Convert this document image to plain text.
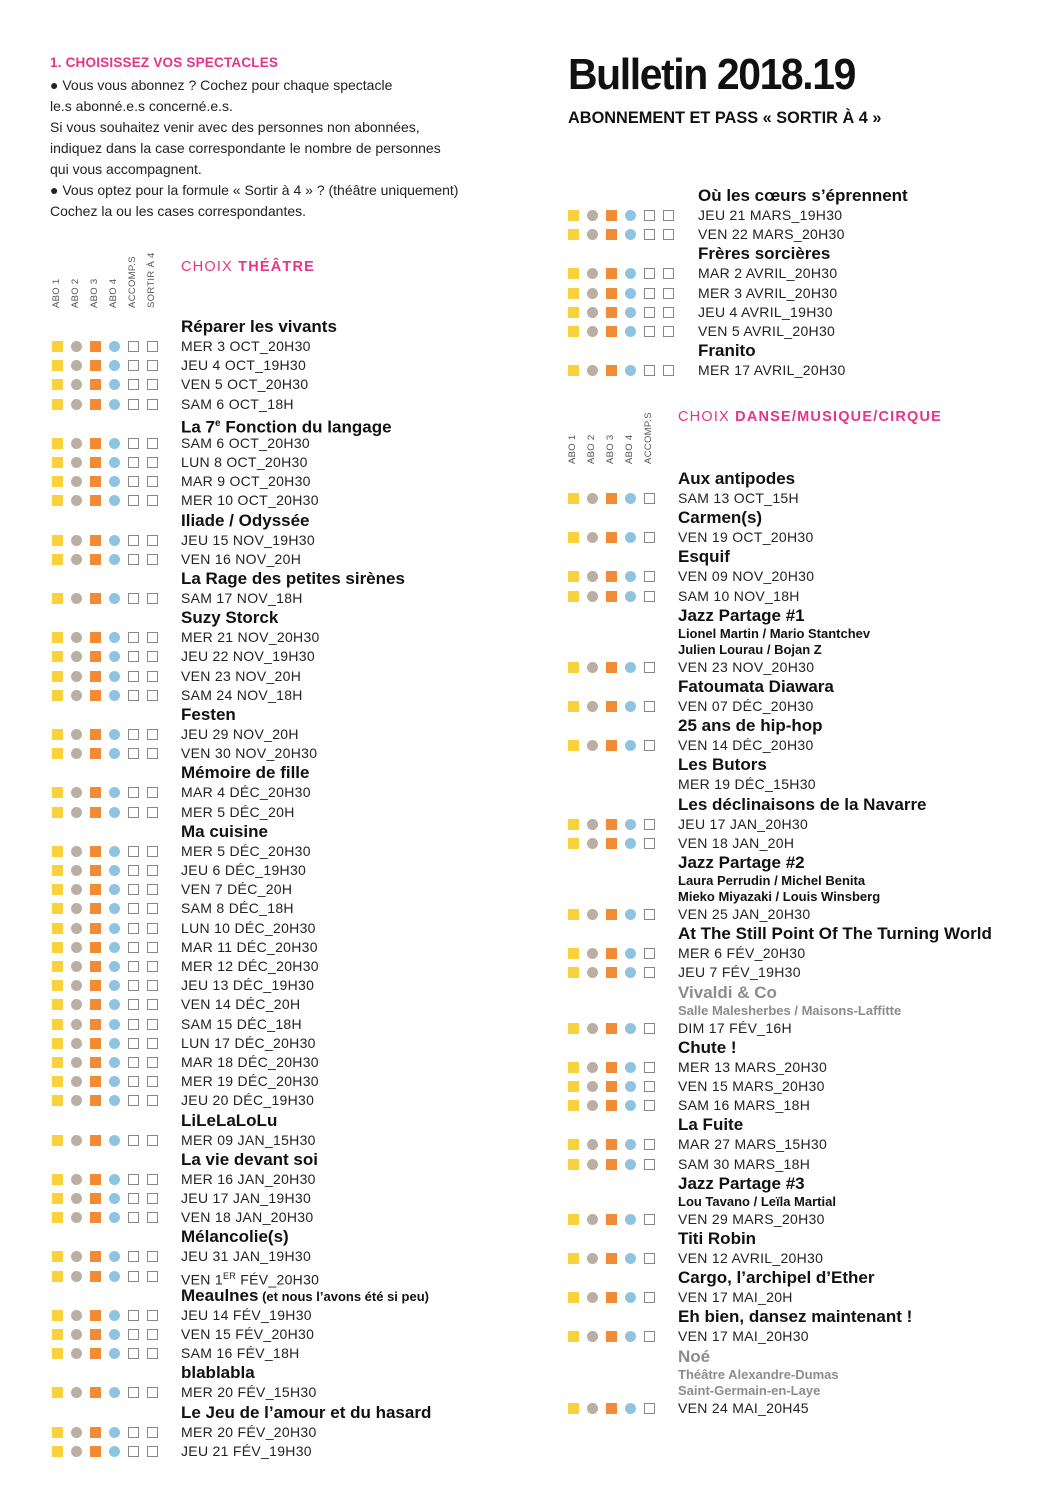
1. CHOISISSEZ VOS SPECTACLES
● Vous vous abonnez ? Cochez pour chaque spectacle
le.s abonné.e.s concerné.e.s.
Si vous souhaitez venir avec des personnes non abonnées,
indiquez dans la case correspondante le nombre de personnes
qui vous accompagnent.
● Vous optez pour la formule « Sortir à 4 » ? (théâtre uniquement)
Cochez la ou les cases correspondantes.
Bulletin 2018.19
ABONNEMENT ET PASS « SORTIR À 4 »
ABO 1 ABO 2 ABO 3 ABO 4 ACCOMP.S SORTIR À 4 CHOIX THÉÂTRE
ABO 1 ABO 2 ABO 3 ABO 4 ACCOMP.S CHOIX DANSE/MUSIQUE/CIRQUE
Réparer les vivants
MER 3 OCT_20H30
JEU 4 OCT_19H30
VEN 5 OCT_20H30
SAM 6 OCT_18H
La 7e Fonction du langage
SAM 6 OCT_20H30
LUN 8 OCT_20H30
MAR 9 OCT_20H30
MER 10 OCT_20H30
Iliade / Odyssée
JEU 15 NOV_19H30
VEN 16 NOV_20H
La Rage des petites sirènes
SAM 17 NOV_18H
Suzy Storck
MER 21 NOV_20H30
JEU 22 NOV_19H30
VEN 23 NOV_20H
SAM 24 NOV_18H
Festen
JEU 29 NOV_20H
VEN 30 NOV_20H30
Mémoire de fille
MAR 4 DÉC_20H30
MER 5 DÉC_20H
Ma cuisine
MER 5 DÉC_20H30
JEU 6 DÉC_19H30
VEN 7 DÉC_20H
SAM 8 DÉC_18H
LUN 10 DÉC_20H30
MAR 11 DÉC_20H30
MER 12 DÉC_20H30
JEU 13 DÉC_19H30
VEN 14 DÉC_20H
SAM 15 DÉC_18H
LUN 17 DÉC_20H30
MAR 18 DÉC_20H30
MER 19 DÉC_20H30
JEU 20 DÉC_19H30
LiLeLaLoLu
MER 09 JAN_15H30
La vie devant soi
MER 16 JAN_20H30
JEU 17 JAN_19H30
VEN 18 JAN_20H30
Mélancolie(s)
JEU 31 JAN_19H30
VEN 1ER FÉV_20H30
Meaulnes (et nous l’avons été si peu)
JEU 14 FÉV_19H30
VEN 15 FÉV_20H30
SAM 16 FÉV_18H
blablabla
MER 20 FÉV_15H30
Le Jeu de l’amour et du hasard
MER 20 FÉV_20H30
JEU 21 FÉV_19H30
Où les cœurs s’éprennent
JEU 21 MARS_19H30
VEN 22 MARS_20H30
Frères sorcières
MAR 2 AVRIL_20H30
MER 3 AVRIL_20H30
JEU 4 AVRIL_19H30
VEN 5 AVRIL_20H30
Franito
MER 17 AVRIL_20H30
Aux antipodes
SAM 13 OCT_15H
Carmen(s)
VEN 19 OCT_20H30
Esquif
VEN 09 NOV_20H30
SAM 10 NOV_18H
Jazz Partage #1
Lionel Martin / Mario Stantchev
Julien Lourau / Bojan Z
VEN 23 NOV_20H30
Fatoumata Diawara
VEN 07 DÉC_20H30
25 ans de hip-hop
VEN 14 DÉC_20H30
Les Butors
MER 19 DÉC_15H30
Les déclinaisons de la Navarre
JEU 17 JAN_20H30
VEN 18 JAN_20H
Jazz Partage #2
Laura Perrudin / Michel Benita
Mieko Miyazaki / Louis Winsberg
VEN 25 JAN_20H30
At The Still Point Of The Turning World
MER 6 FÉV_20H30
JEU 7 FÉV_19H30
Vivaldi & Co
Salle Malesherbes / Maisons-Laffitte
DIM 17 FÉV_16H
Chute !
MER 13 MARS_20H30
VEN 15 MARS_20H30
SAM 16 MARS_18H
La Fuite
MAR 27 MARS_15H30
SAM 30 MARS_18H
Jazz Partage #3
Lou Tavano / Leïla Martial
VEN 29 MARS_20H30
Titi Robin
VEN 12 AVRIL_20H30
Cargo, l’archipel d’Ether
VEN 17 MAI_20H
Eh bien, dansez maintenant !
VEN 17 MAI_20H30
Noé
Théâtre Alexandre-Dumas
Saint-Germain-en-Laye
VEN 24 MAI_20H45
